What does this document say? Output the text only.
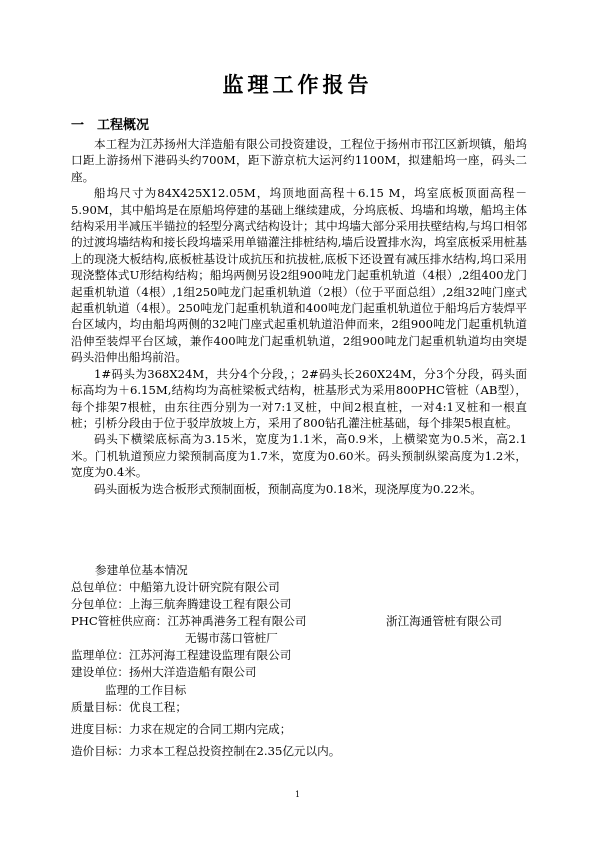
监理工作报告
一　工程概况

本工程为江苏扬州大洋造船有限公司投资建设，工程位于扬州市邗江区新坝镇，船坞口距上游扬州下港码头约700M，距下游京杭大运河约1100M，拟建船坞一座，码头二座。

船坞尺寸为84X425X12.05M，坞顶地面高程＋6.15 M，坞室底板顶面高程－5.90M，其中船坞是在原船坞停建的基础上继续建成，分坞底板、坞墙和坞墩，船坞主体结构采用半减压半锚拉的轻型分离式结构设计；其中坞墙大部分采用扶壁结构,与坞口相邻的过渡坞墙结构和接长段坞墙采用单锚灌注排桩结构,墙后设置排水沟，坞室底板采用桩基上的现浇大板结构,底板桩基设计成抗压和抗拔桩,底板下还设置有减压排水结构,坞口采用现浇整体式U形结构结构；船坞两侧另设2组900吨龙门起重机轨道（4根）,2组400龙门起重机轨道（4根）,1组250吨龙门起重机轨道（2根）（位于平面总组）,2组32吨门座式起重机轨道（4根）。250吨龙门起重机轨道和400吨龙门起重机轨道位于船坞后方装焊平台区域内，均由船坞两侧的32吨门座式起重机轨道沿伸而来，2组900吨龙门起重机轨道沿伸至装焊平台区域，兼作400吨龙门起重机轨道，2组900吨龙门起重机轨道均由突堤码头沿伸出船坞前沿。

1#码头为368X24M，共分4个分段，；2#码头长260X24M，分3个分段，码头面标高均为＋6.15M,结构均为高桩梁板式结构，桩基形式为采用800PHC管桩（AB型），每个排架7根桩，由东往西分别为一对7:1叉桩，中间2根直桩，一对4:1叉桩和一根直桩；引桥分段由于位于驳岸放坡上方，采用了800钻孔灌注桩基础，每个排架5根直桩。

码头下横梁底标高为3.15米，宽度为1.1米，高0.9米，上横梁宽为0.5米，高2.1米。门机轨道预应力梁预制高度为1.7米，宽度为0.60米。码头预制纵梁高度为1.2米，宽度为0.4米。

码头面板为迭合板形式预制面板，预制高度为0.18米，现浇厚度为0.22米。

参建单位基本情况
总包单位：中船第九设计研究院有限公司
分包单位：上海三航奔腾建设工程有限公司
PHC管桩供应商：江苏神禹港务工程有限公司	浙江海通管桩有限公司
无锡市荡口管桩厂
监理单位：江苏河海工程建设监理有限公司
建设单位：扬州大洋造造船有限公司
监理的工作目标
质量目标：优良工程；
进度目标：力求在规定的合同工期内完成；
造价目标：力求本工程总投资控制在2.35亿元以内。
1
